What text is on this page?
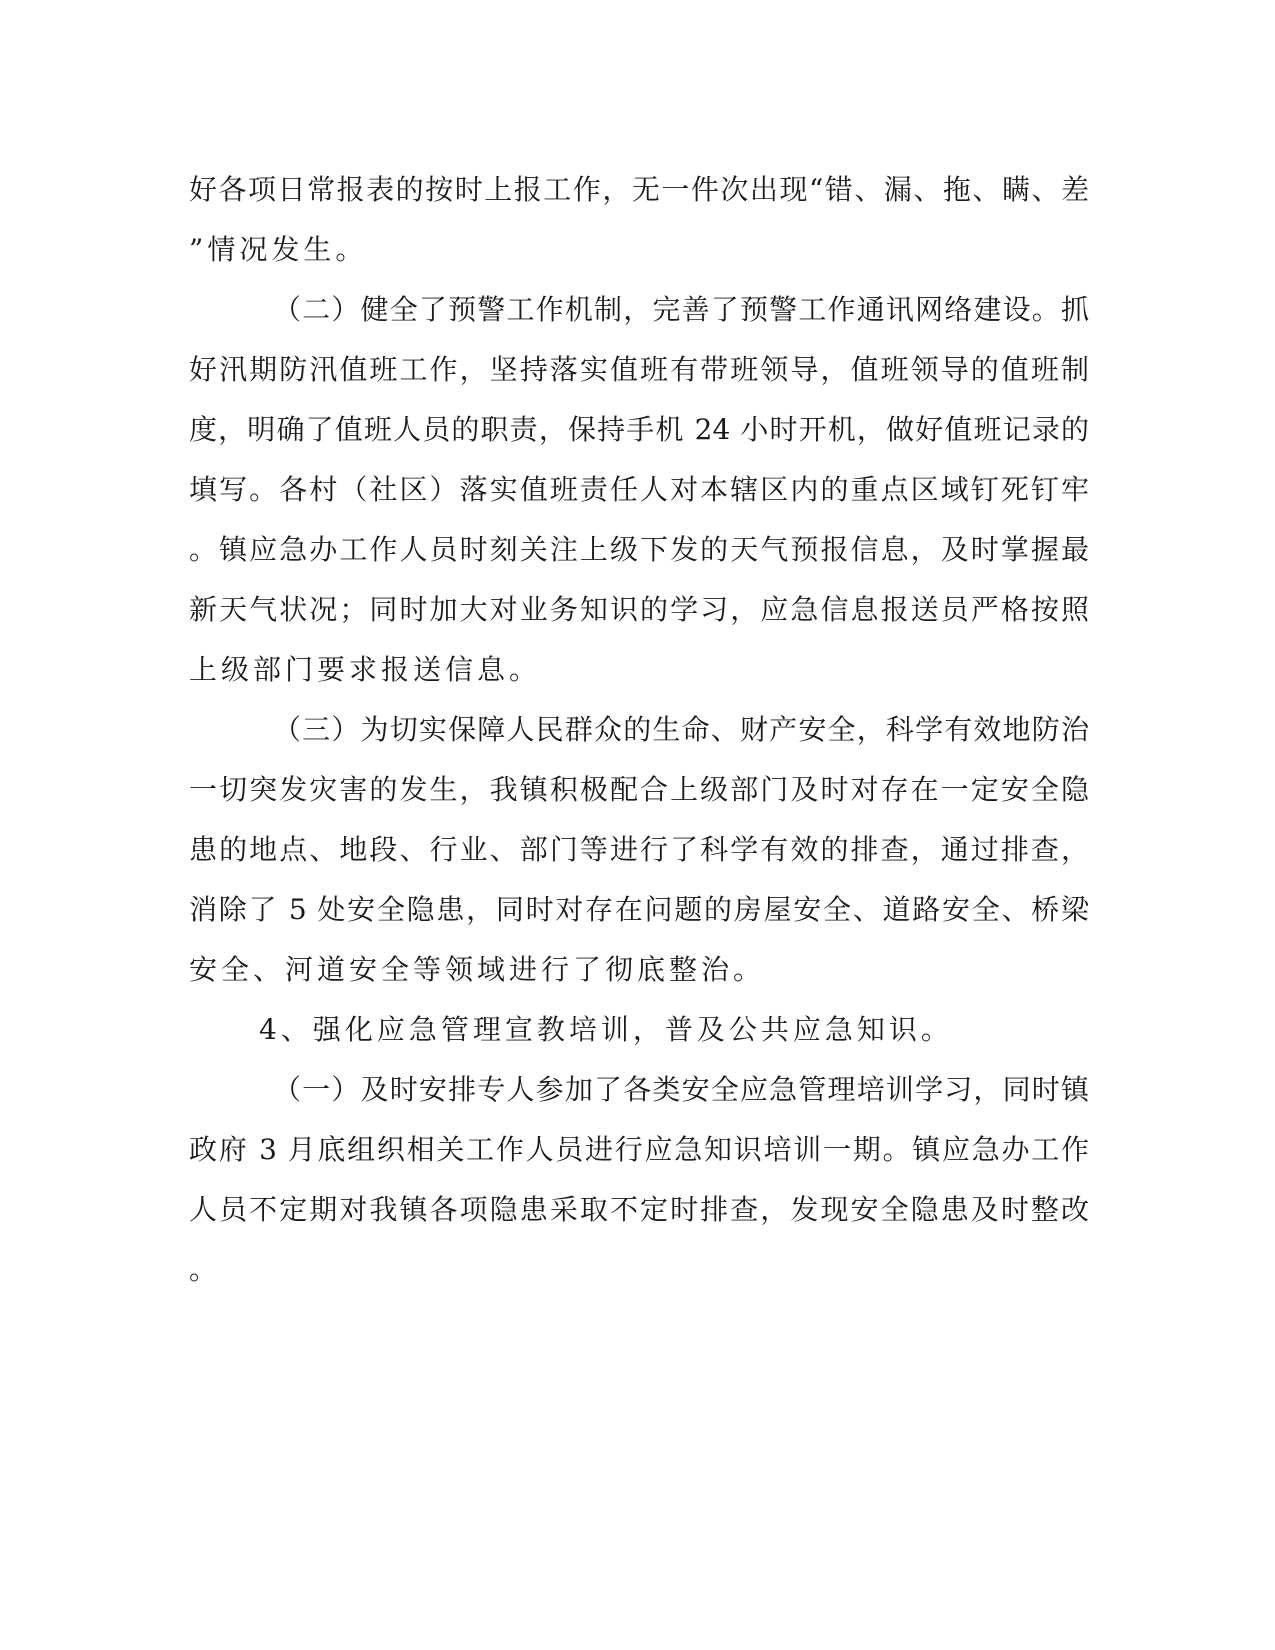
好各项日常报表的按时上报工作，无一件次出现“错、漏、拖、瞒、差
”情况发生。
（二）健全了预警工作机制，完善了预警工作通讯网络建设。抓
好汛期防汛值班工作，坚持落实值班有带班领导，值班领导的值班制
度，明确了值班人员的职责，保持手机 24 小时开机，做好值班记录的
填写。各村（社区）落实值班责任人对本辖区内的重点区域钉死钉牢
。镇应急办工作人员时刻关注上级下发的天气预报信息，及时掌握最
新天气状况；同时加大对业务知识的学习，应急信息报送员严格按照
上级部门要求报送信息。
（三）为切实保障人民群众的生命、财产安全，科学有效地防治
一切突发灾害的发生，我镇积极配合上级部门及时对存在一定安全隐
患的地点、地段、行业、部门等进行了科学有效的排查，通过排查，
消除了 5 处安全隐患，同时对存在问题的房屋安全、道路安全、桥梁
安全、河道安全等领域进行了彻底整治。
4、强化应急管理宣教培训，普及公共应急知识。
（一）及时安排专人参加了各类安全应急管理培训学习，同时镇
政府 3 月底组织相关工作人员进行应急知识培训一期。镇应急办工作
人员不定期对我镇各项隐患采取不定时排查，发现安全隐患及时整改
。
